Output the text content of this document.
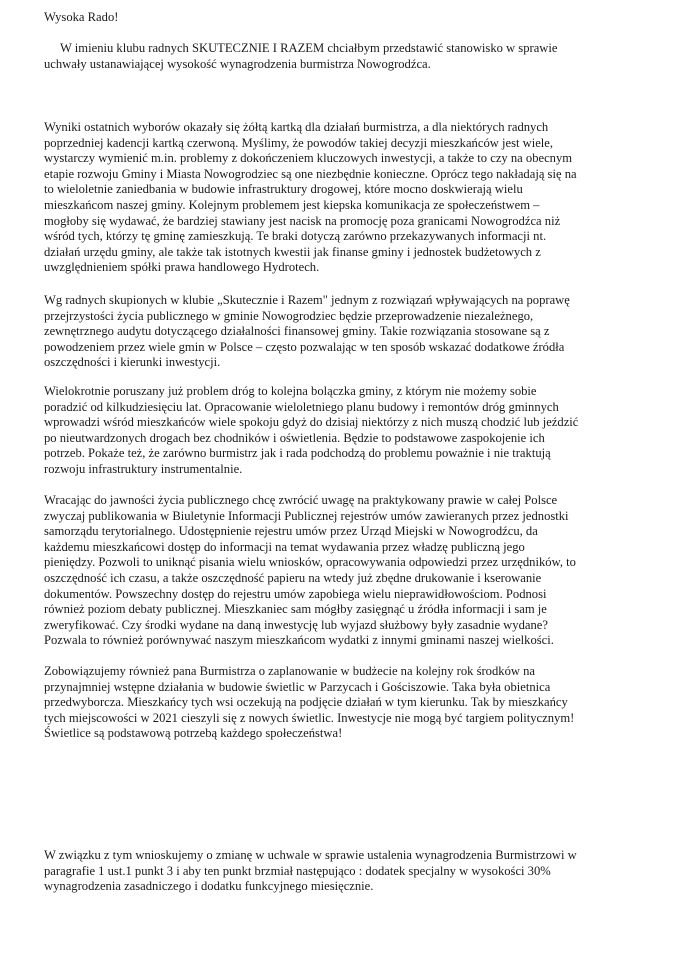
Wysoka Rado!

W imieniu klubu radnych SKUTECZNIE I RAZEM chciałbym przedstawić stanowisko w sprawie
uchwały ustanawiającej wysokość wynagrodzenia burmistrza Nowogrodźca.

Wyniki ostatnich wyborów okazały się żółtą kartką dla działań burmistrza, a dla niektórych radnych
poprzedniej kadencji kartką czerwoną. Myślimy, że powodów takiej decyzji mieszkańców jest wiele,
wystarczy wymienić m.in. problemy z dokończeniem kluczowych inwestycji, a także to czy na obecnym
etapie rozwoju Gminy i Miasta Nowogrodziec są one niezbędnie konieczne. Oprócz tego nakładają się na
to wieloletnie zaniedbania w budowie infrastruktury drogowej, które mocno doskwierają wielu
mieszkańcom naszej gminy. Kolejnym problemem jest kiepska komunikacja ze społeczeństwem –
mogłoby się wydawać, że bardziej stawiany jest nacisk na promocję poza granicami Nowogrodźca niż
wśród tych, którzy tę gminę zamieszkują. Te braki dotyczą zarówno przekazywanych informacji nt.
działań urzędu gminy, ale także tak istotnych kwestii jak finanse gminy i jednostek budżetowych z
uwzględnieniem spółki prawa handlowego Hydrotech.

Wg radnych skupionych w klubie „Skutecznie i Razem" jednym z rozwiązań wpływających na poprawę
przejrzystości życia publicznego w gminie Nowogrodziec będzie przeprowadzenie niezależnego,
zewnętrznego audytu dotyczącego działalności finansowej gminy. Takie rozwiązania stosowane są z
powodzeniem przez wiele gmin w Polsce – często pozwalając w ten sposób wskazać dodatkowe źródła
oszczędności i kierunki inwestycji.

Wielokrotnie poruszany już problem dróg to kolejna bolączka gminy, z którym nie możemy sobie
poradzić od kilkudziesięciu lat. Opracowanie wieloletniego planu budowy i remontów dróg gminnych
wprowadzi wśród mieszkańców wiele spokoju gdyż do dzisiaj niektórzy z nich muszą chodzić lub jeździć
po nieutwardzonych drogach bez chodników i oświetlenia. Będzie to podstawowe zaspokojenie ich
potrzeb. Pokaże też, że zarówno burmistrz jak i rada podchodzą do problemu poważnie i nie traktują
rozwoju infrastruktury instrumentalnie.

Wracając do jawności życia publicznego chcę zwrócić uwagę na praktykowany prawie w całej Polsce
zwyczaj publikowania w Biuletynie Informacji Publicznej rejestrów umów zawieranych przez jednostki
samorządu terytorialnego. Udostępnienie rejestru umów przez Urząd Miejski w Nowogrodźcu, da
każdemu mieszkańcowi dostęp do informacji na temat wydawania przez władzę publiczną jego
pieniędzy. Pozwoli to uniknąć pisania wielu wniosków, opracowywania odpowiedzi przez urzędników, to
oszczędność ich czasu, a także oszczędność papieru na wtedy już zbędne drukowanie i kserowanie
dokumentów. Powszechny dostęp do rejestru umów zapobiega wielu nieprawidłowościom. Podnosi
również poziom debaty publicznej. Mieszkaniec sam mógłby zasięgnąć u źródła informacji i sam je
zweryfikować. Czy środki wydane na daną inwestycję lub wyjazd służbowy były zasadnie wydane?
Pozwala to również porównywać naszym mieszkańcom wydatki z innymi gminami naszej wielkości.

Zobowiązujemy również pana Burmistrza o zaplanowanie w budżecie na kolejny rok środków na
przynajmniej wstępne działania w budowie świetlic w Parzycach i Gościszowie. Taka była obietnica
przedwyborcza. Mieszkańcy tych wsi oczekują na podjęcie działań w tym kierunku. Tak by mieszkańcy
tych miejscowości w 2021 cieszyli się z nowych świetlic. Inwestycje nie mogą być targiem politycznym!
Świetlice są podstawową potrzebą każdego społeczeństwa!

W związku z tym wnioskujemy o zmianę w uchwale w sprawie ustalenia wynagrodzenia Burmistrzowi w
paragrafie 1 ust.1 punkt 3 i aby ten punkt brzmiał następująco : dodatek specjalny w wysokości 30%
wynagrodzenia zasadniczego i dodatku funkcyjnego miesięcznie.
